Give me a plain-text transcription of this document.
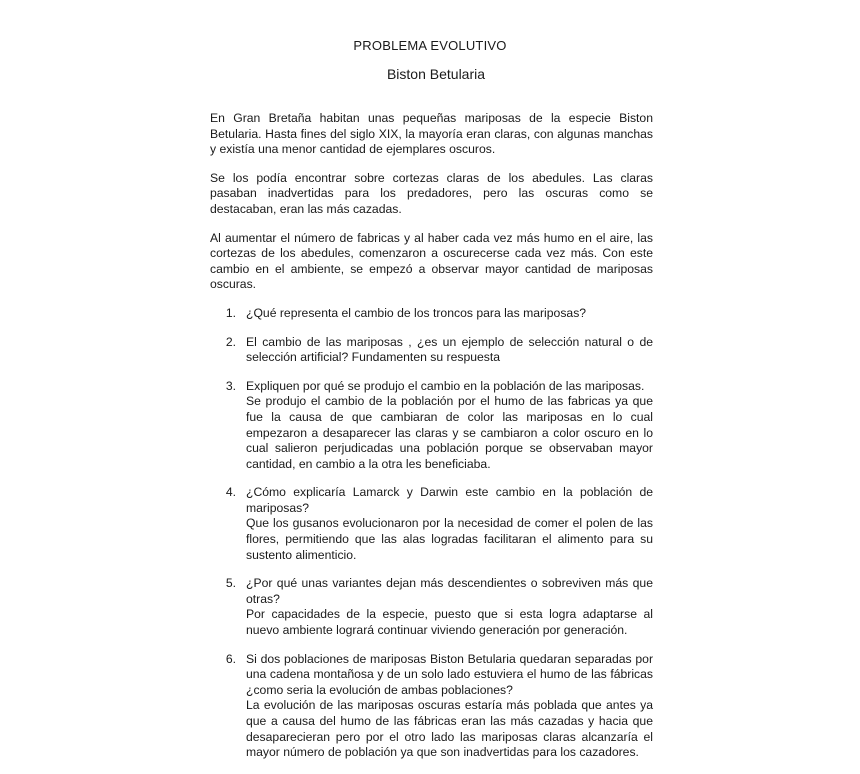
PROBLEMA EVOLUTIVO
Biston Betularia

En Gran Bretaña habitan unas pequeñas mariposas de la especie Biston Betularia. Hasta fines del siglo XIX, la mayoría eran claras, con algunas manchas y existía una menor cantidad de ejemplares oscuros.

Se los podía encontrar sobre cortezas claras de los abedules. Las claras pasaban inadvertidas para los predadores, pero las oscuras como se destacaban, eran las más cazadas.

Al aumentar el número de fabricas y al haber cada vez más humo en el aire, las cortezas de los abedules, comenzaron a oscurecerse cada vez más. Con este cambio en el ambiente, se empezó a observar mayor cantidad de mariposas oscuras.

1. ¿Qué representa el cambio de los troncos para las mariposas?
2. El cambio de las mariposas , ¿es un ejemplo de selección natural o de selección artificial? Fundamenten su respuesta
3. Expliquen por qué se produjo el cambio en la población de las mariposas.
Se produjo el cambio de la población por el humo de las fabricas ya que fue la causa de que cambiaran de color las mariposas en lo cual empezaron a desaparecer las claras y se cambiaron a color oscuro en lo cual salieron perjudicadas una población porque se observaban mayor cantidad, en cambio a la otra les beneficiaba.
4. ¿Cómo explicaría Lamarck y Darwin este cambio en la población de mariposas?
Que los gusanos evolucionaron por la necesidad de comer el polen de las flores, permitiendo que las alas logradas facilitaran el alimento para su sustento alimenticio.
5. ¿Por qué unas variantes dejan más descendientes o sobreviven más que otras?
Por capacidades de la especie, puesto que si esta logra adaptarse al nuevo ambiente logrará continuar viviendo generación por generación.
6. Si dos poblaciones de mariposas Biston Betularia quedaran separadas por una cadena montañosa y de un solo lado estuviera el humo de las fábricas ¿como seria la evolución de ambas poblaciones?
La evolución de las mariposas oscuras estaría más poblada que antes ya que a causa del humo de las fábricas eran las más cazadas y hacia que desaparecieran pero por el otro lado las mariposas claras alcanzaría el mayor número de población ya que son inadvertidas para los cazadores.
